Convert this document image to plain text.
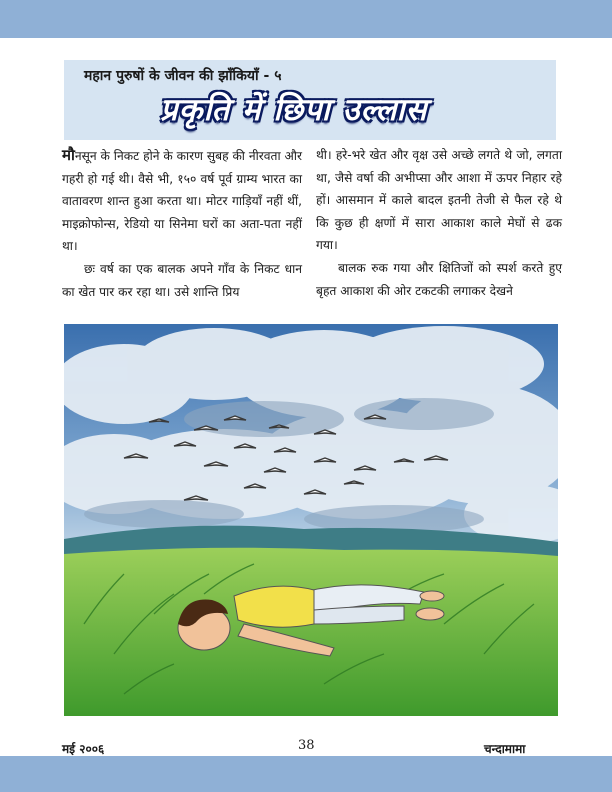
महान पुरुषों के जीवन की झाँकियाँ - ५
प्रकृति में छिपा उल्लास

मौनसून के निकट होने के कारण सुबह की नीरवता और गहरी हो गई थी। वैसे भी, १५० वर्ष पूर्व ग्राम्य भारत का वातावरण शान्त हुआ करता था। मोटर गाड़ियाँ नहीं थीं, माइक्रोफोन्स, रेडियो या सिनेमा घरों का अता-पता नहीं था।

छः वर्ष का एक बालक अपने गाँव के निकट धान का खेत पार कर रहा था। उसे शान्ति प्रिय

थी। हरे-भरे खेत और वृक्ष उसे अच्छे लगते थे जो, लगता था, जैसे वर्षा की अभीप्सा और आशा में ऊपर निहार रहे हों। आसमान में काले बादल इतनी तेजी से फैल रहे थे कि कुछ ही क्षणों में सारा आकाश काले मेघों से ढक गया।

बालक रुक गया और क्षितिजों को स्पर्श करते हुए बृहत आकाश की ओर टकटकी लगाकर देखने

मई २००६	38	चन्दामामा
